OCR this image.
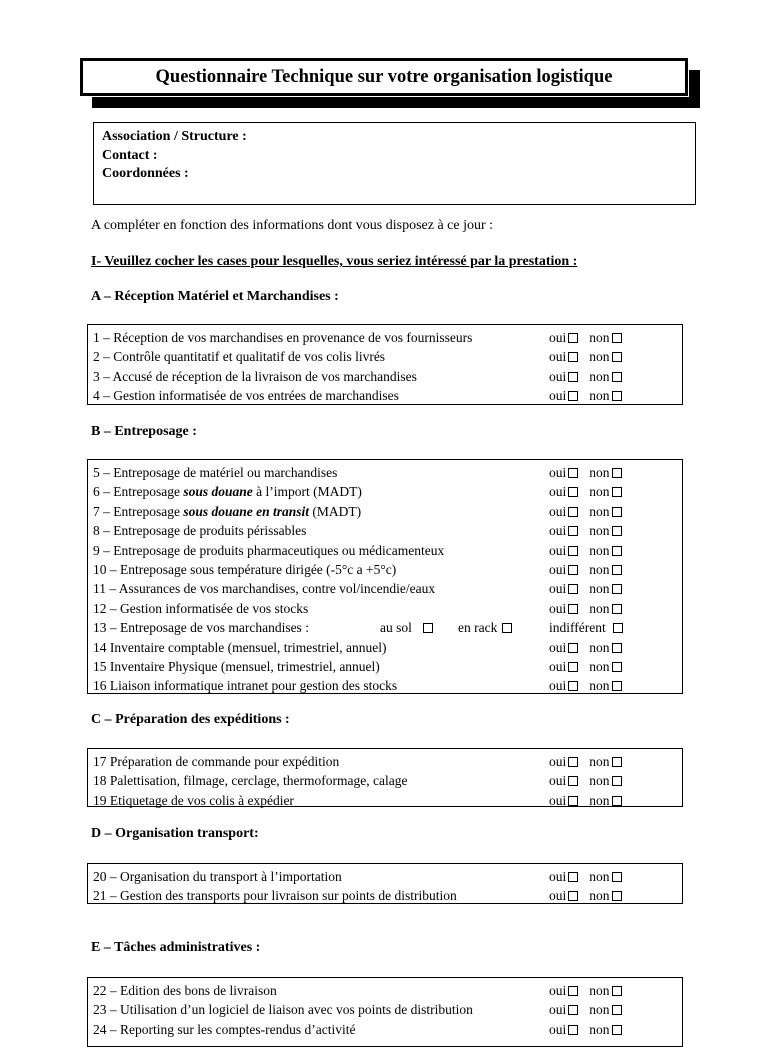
Questionnaire Technique sur votre organisation logistique
Association / Structure :
Contact :
Coordonnées :
A compléter en fonction des informations dont vous disposez à ce jour :
I- Veuillez cocher les cases pour lesquelles, vous seriez intéressé par la prestation :
A – Réception Matériel et Marchandises :
1 – Réception de vos marchandises en provenance de vos fournisseurs	oui non
2 – Contrôle quantitatif et qualitatif de vos colis livrés	oui non
3 – Accusé de réception de la livraison de vos marchandises	oui non
4 – Gestion informatisée de vos entrées de marchandises	oui non
B – Entreposage :
5 – Entreposage de matériel ou marchandises	oui non
6 – Entreposage sous douane à l’import (MADT)	oui non
7 – Entreposage sous douane en transit (MADT)	oui non
8 – Entreposage de produits périssables	oui non
9 – Entreposage de produits pharmaceutiques ou médicamenteux	oui non
10 – Entreposage sous température dirigée (-5°c a +5°c)	oui non
11 – Assurances de vos marchandises, contre vol/incendie/eaux	oui non
12 – Gestion informatisée de vos stocks	oui non
13 – Entreposage de vos marchandises :	au sol	en rack	indifférent
14 Inventaire comptable (mensuel, trimestriel, annuel)	oui non
15 Inventaire Physique (mensuel, trimestriel, annuel)	oui non
16 Liaison informatique intranet pour gestion des stocks	oui non
C – Préparation des expéditions :
17 Préparation de commande pour expédition	oui non
18 Palettisation, filmage, cerclage, thermoformage, calage	oui non
19 Etiquetage de vos colis à expédier	oui non
D – Organisation transport:
20 – Organisation du transport à l’importation	oui non
21 – Gestion des transports pour livraison sur points de distribution	oui non
E – Tâches administratives :
22 – Edition des bons de livraison	oui non
23 – Utilisation d’un logiciel de liaison avec vos points de distribution	oui non
24 – Reporting sur les comptes-rendus d’activité	oui non
